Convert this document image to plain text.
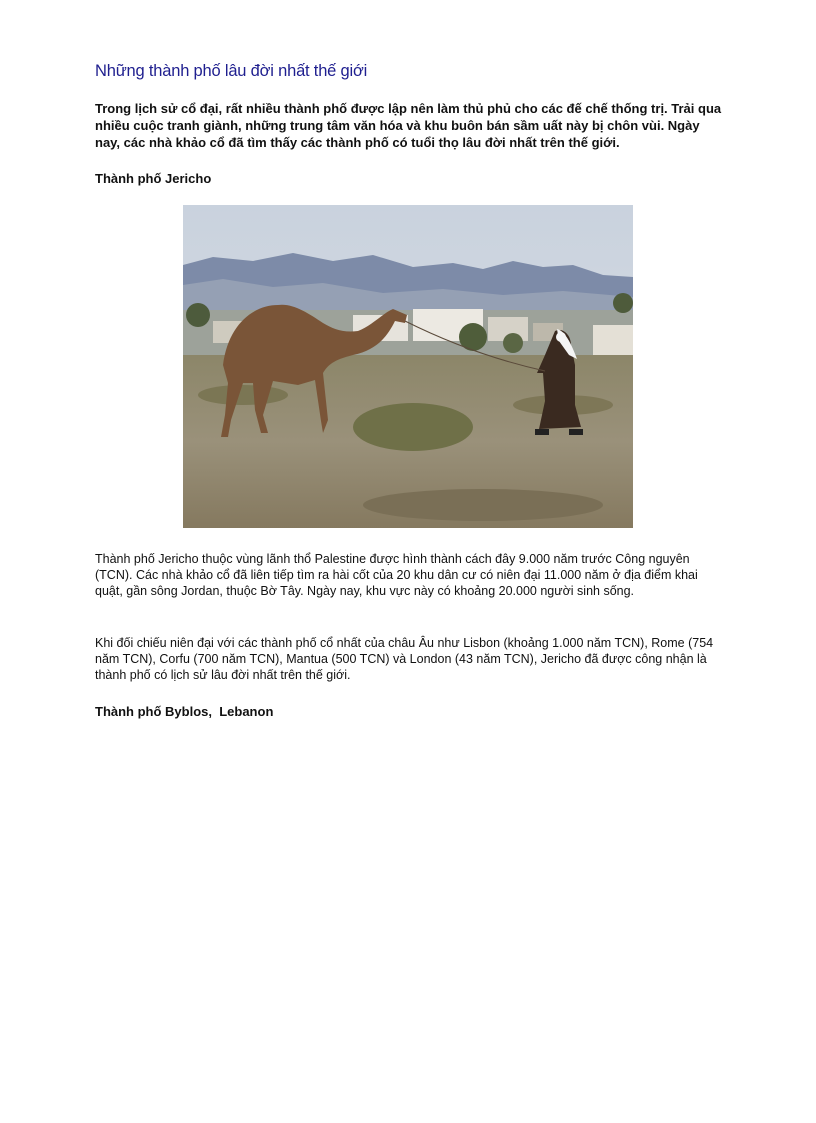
Những thành phố lâu đời nhất thế giới

Trong lịch sử cổ đại, rất nhiều thành phố được lập nên làm thủ phủ cho các đế chế thống trị. Trải qua nhiều cuộc tranh giành, những trung tâm văn hóa và khu buôn bán sầm uất này bị chôn vùi. Ngày nay, các nhà khảo cổ đã tìm thấy các thành phố có tuổi thọ lâu đời nhất trên thế giới.

Thành phố Jericho

Thành phố Jericho thuộc vùng lãnh thổ Palestine được hình thành cách đây 9.000 năm trước Công nguyên (TCN). Các nhà khảo cổ đã liên tiếp tìm ra hài cốt của 20 khu dân cư có niên đại 11.000 năm ở địa điểm khai quật, gần sông Jordan, thuộc Bờ Tây. Ngày nay, khu vực này có khoảng 20.000 người sinh sống.

Khi đối chiếu niên đại với các thành phố cổ nhất của châu Âu như Lisbon (khoảng 1.000 năm TCN), Rome (754 năm TCN), Corfu (700 năm TCN), Mantua (500 TCN) và London (43 năm TCN), Jericho đã được công nhận là thành phố có lịch sử lâu đời nhất trên thế giới.

Thành phố Byblos,  Lebanon
